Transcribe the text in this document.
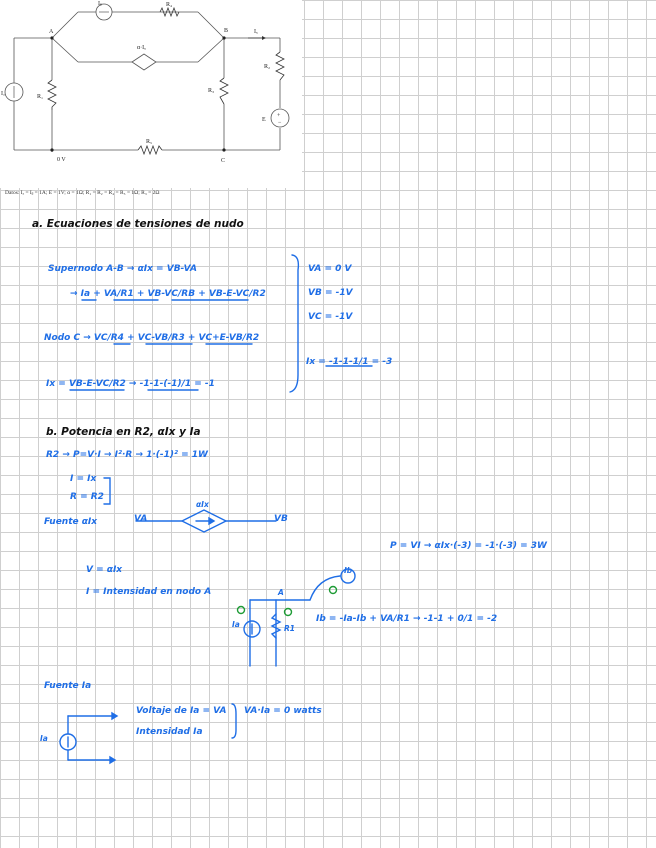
+
−
A	B
C
0 V
R₁
R₂
R₃
R₄
R₅
α·Iₓ
E
Iₓ
Iₐ
Iᵦ
Datos: Iₐ = Iᵦ = 1A; E = 1V; α = 1Ω; R₁ = R₂ = R₄ = R₅ = 1Ω; R₃ = 2Ω
a. Ecuaciones de tensiones de nudo
Supernodo A-B → αIx = VB-VA
→ Ia + VA/R1 + VB-VC/RB + VB-E-VC/R2
Nodo C → VC/R4 + VC-VB/R3 + VC+E-VB/R2
Ix = VB-E-VC/R2 → -1-1-(-1)/1 = -1
VA = 0 V
VB = -1V
VC = -1V
Ix = -1-1-1/1 = -3
b. Potencia en R2, αIx y Ia
R2 → P=V·I → I²·R → 1·(-1)² = 1W
I = Ix
R = R2
Fuente αIx	VA	VB
αIx
P = VI → αIx·(-3) = -1·(-3) = 3W
V = αIx
I = Intensidad en nodo A	A
Ib
Ia	R1
Ib = -Ia-Ib + VA/R1 → -1-1 + 0/1 = -2
Fuente Ia
Ia
Voltaje de Ia = VA
Intensidad Ia
VA·Ia = 0 watts
